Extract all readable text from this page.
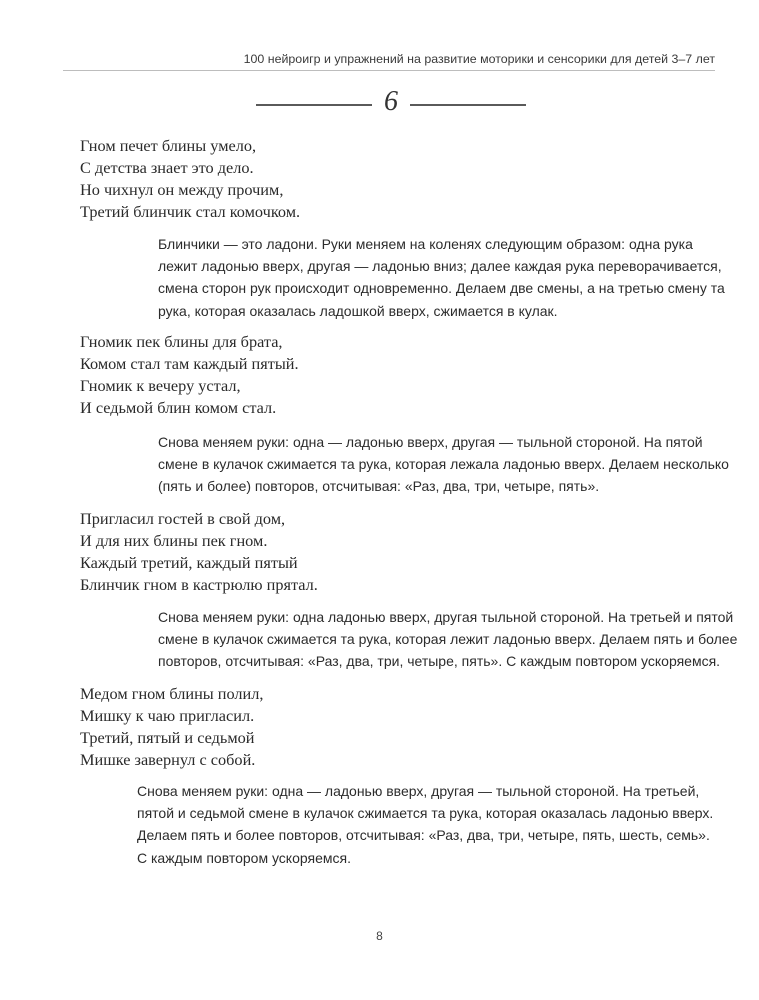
100 нейроигр и упражнений на развитие моторики и сенсорики для детей 3–7 лет
6
Гном печет блины умело,
С детства знает это дело.
Но чихнул он между прочим,
Третий блинчик стал комочком.
Блинчики — это ладони. Руки меняем на коленях следующим образом: одна рука
лежит ладонью вверх, другая — ладонью вниз; далее каждая рука переворачивается,
смена сторон рук происходит одновременно. Делаем две смены, а на третью смену та
рука, которая оказалась ладошкой вверх, сжимается в кулак.
Гномик пек блины для брата,
Комом стал там каждый пятый.
Гномик к вечеру устал,
И седьмой блин комом стал.
Снова меняем руки: одна — ладонью вверх, другая — тыльной стороной. На пятой
смене в кулачок сжимается та рука, которая лежала ладонью вверх. Делаем несколько
(пять и более) повторов, отсчитывая: «Раз, два, три, четыре, пять».
Пригласил гостей в свой дом,
И для них блины пек гном.
Каждый третий, каждый пятый
Блинчик гном в кастрюлю прятал.
Снова меняем руки: одна ладонью вверх, другая тыльной стороной. На третьей и пятой
смене в кулачок сжимается та рука, которая лежит ладонью вверх. Делаем пять и более
повторов, отсчитывая: «Раз, два, три, четыре, пять». С каждым повтором ускоряемся.
Медом гном блины полил,
Мишку к чаю пригласил.
Третий, пятый и седьмой
Мишке завернул с собой.
Снова меняем руки: одна — ладонью вверх, другая — тыльной стороной. На третьей,
пятой и седьмой смене в кулачок сжимается та рука, которая оказалась ладонью вверх.
Делаем пять и более повторов, отсчитывая: «Раз, два, три, четыре, пять, шесть, семь».
С каждым повтором ускоряемся.
8
